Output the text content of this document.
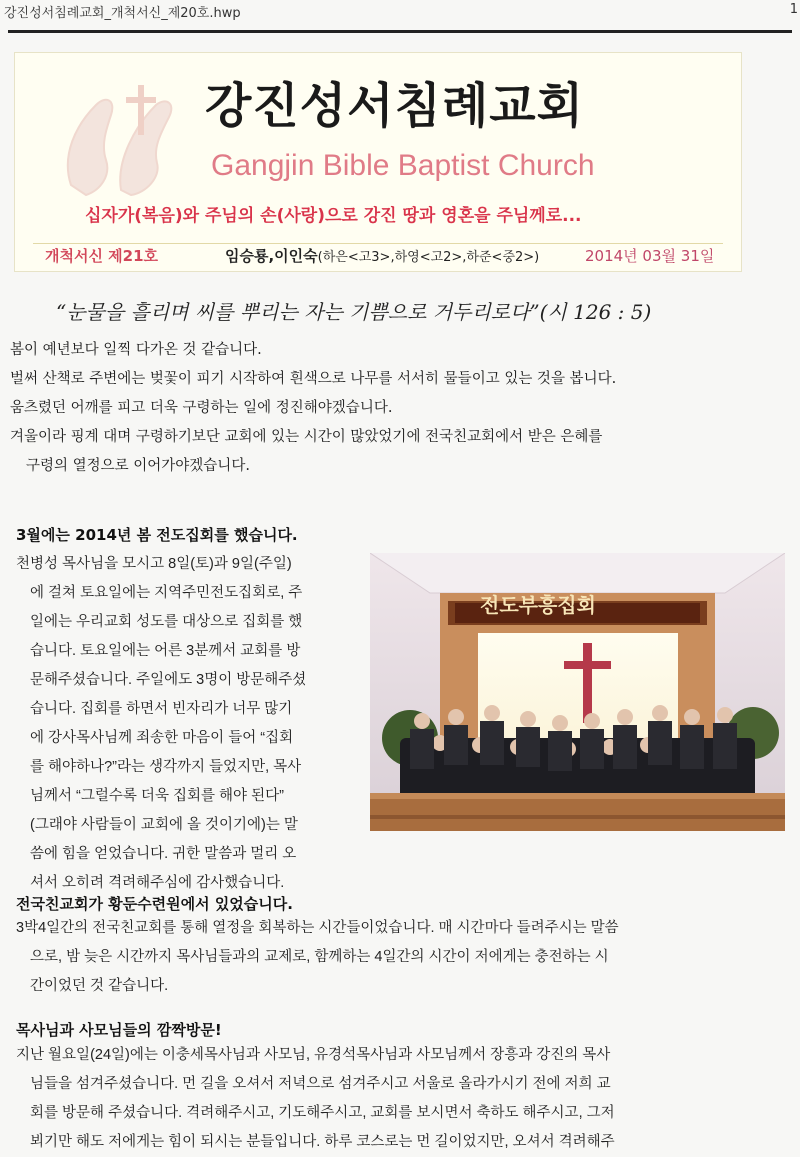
강진성서침례교회_개척서신_제20호.hwp	1
강진성서침례교회
Gangjin Bible Baptist Church
십자가(복음)와 주님의 손(사랑)으로 강진 땅과 영혼을 주님께로...
개척서신 제21호	임승룡,이인숙(하은<고3>,하영<고2>,하준<중2>)	2014년 03월 31일
“눈물을 흘리며 씨를 뿌리는 자는 기쁨으로 거두리로다”(시 126 : 5)

봄이 예년보다 일찍 다가온 것 같습니다.

벌써 산책로 주변에는 벚꽃이 피기 시작하여 흰색으로 나무를 서서히 물들이고 있는 것을 봅니다.

움츠렸던 어깨를 피고 더욱 구령하는 일에 정진해야겠습니다.

겨울이라 핑계 대며 구령하기보단 교회에 있는 시간이 많았었기에 전국친교회에서 받은 은혜를

구령의 열정으로 이어가야겠습니다.

3월에는 2014년 봄 전도집회를 했습니다.
천병성 목사님을 모시고 8일(토)과 9일(주일)
에 걸쳐 토요일에는 지역주민전도집회로, 주
일에는 우리교회 성도를 대상으로 집회를 했
습니다. 토요일에는 어른 3분께서 교회를 방
문해주셨습니다. 주일에도 3명이 방문해주셨
습니다. 집회를 하면서 빈자리가 너무 많기
에 강사목사님께 죄송한 마음이 들어 “집회
를 해야하나?”라는 생각까지 들었지만, 목사
님께서 “그럴수록 더욱 집회를 해야 된다”
(그래야 사람들이 교회에 올 것이기에)는 말
씀에 힘을 얻었습니다. 귀한 말씀과 멀리 오
셔서 오히려 격려해주심에 감사했습니다.
전도부흥집회
전국친교회가 황둔수련원에서 있었습니다.
3박4일간의 전국친교회를 통해 열정을 회복하는 시간들이었습니다. 매 시간마다 들려주시는 말씀
으로, 밤 늦은 시간까지 목사님들과의 교제로, 함께하는 4일간의 시간이 저에게는 충전하는 시
간이었던 것 같습니다.
목사님과 사모님들의 깜짝방문!
지난 월요일(24일)에는 이충세목사님과 사모님, 유경석목사님과 사모님께서 장흥과 강진의 목사
님들을 섬겨주셨습니다. 먼 길을 오셔서 저녁으로 섬겨주시고 서울로 올라가시기 전에 저희 교
회를 방문해 주셨습니다. 격려해주시고, 기도해주시고, 교회를 보시면서 축하도 해주시고, 그저
뵈기만 해도 저에게는 힘이 되시는 분들입니다. 하루 코스로는 먼 길이었지만, 오셔서 격려해주
